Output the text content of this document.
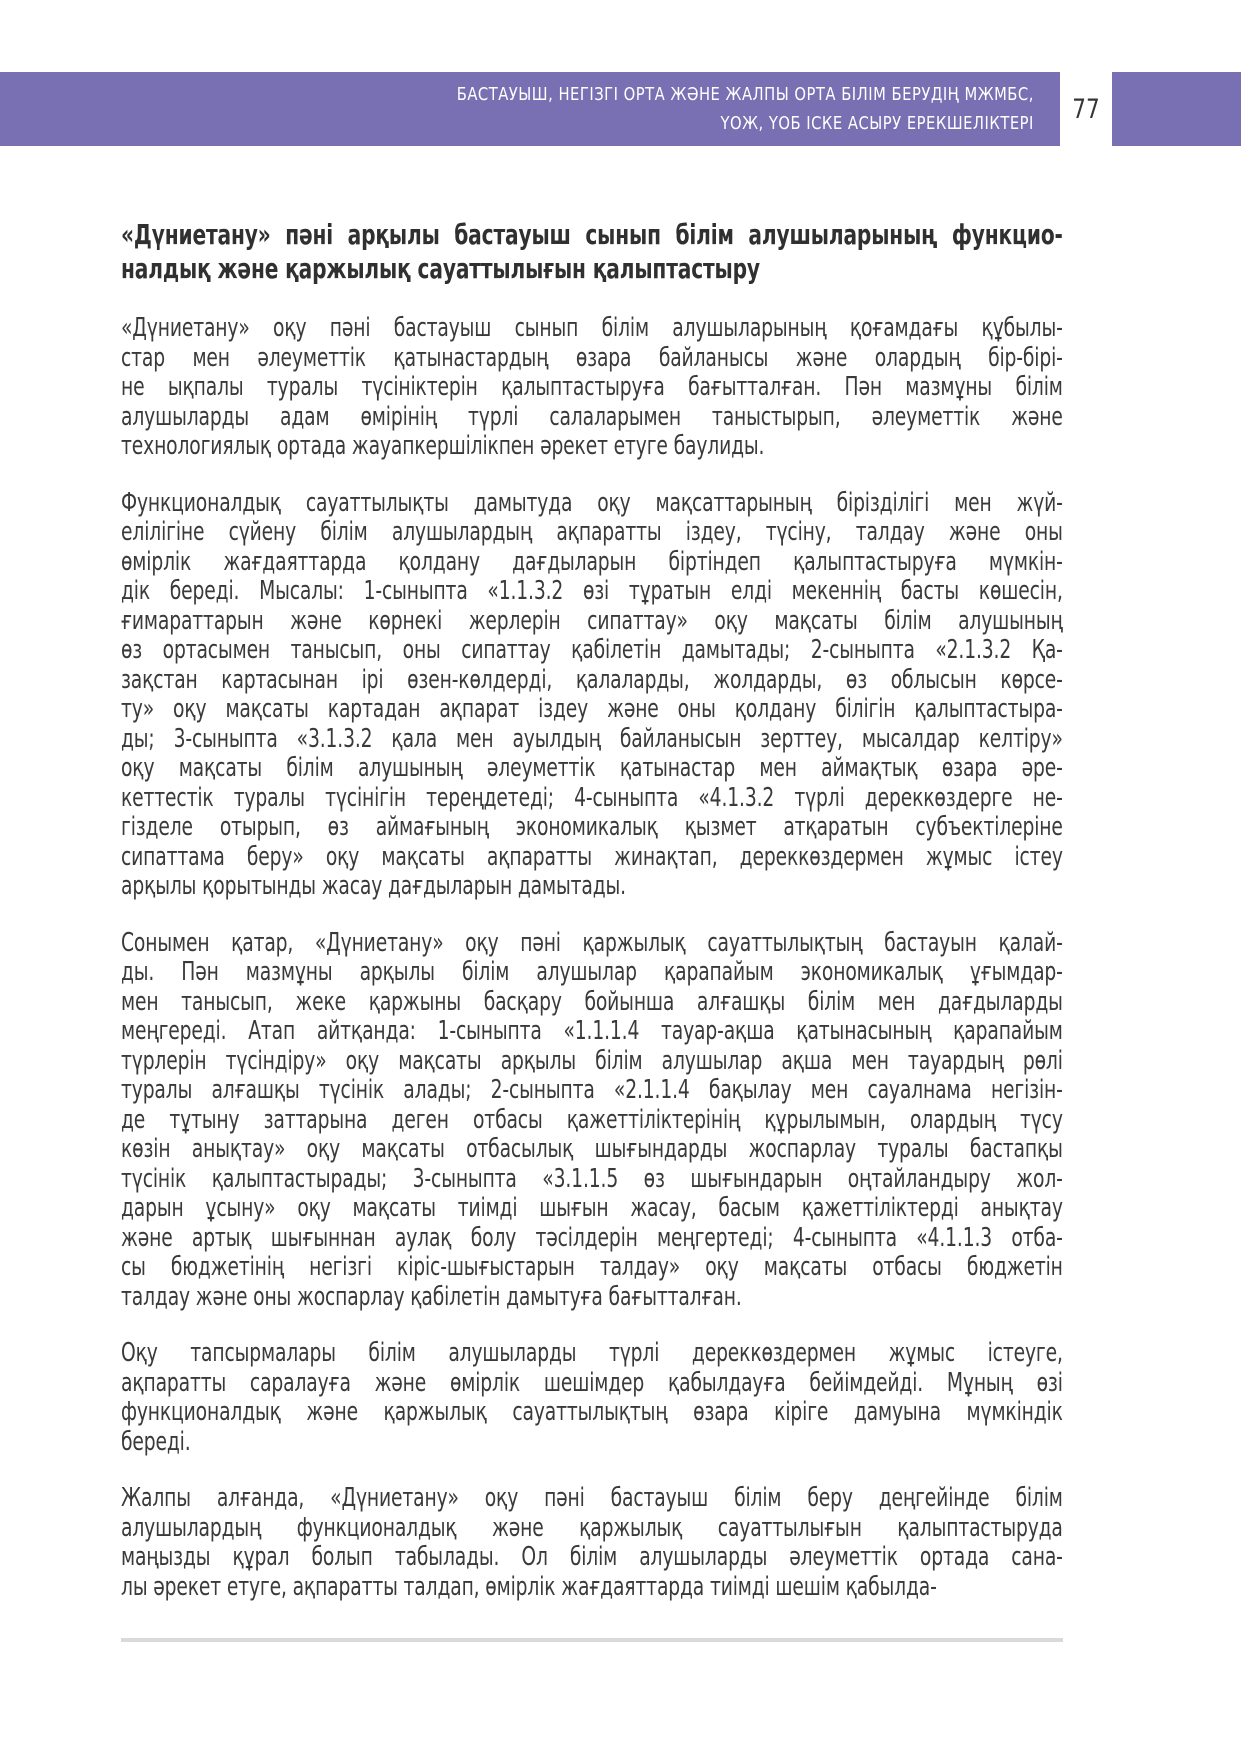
БАСТАУЫШ, НЕГІЗГІ ОРТА ЖӘНЕ ЖАЛПЫ ОРТА БІЛІМ БЕРУДІҢ МЖМБС,
ҮОЖ, ҮОБ ІСКЕ АСЫРУ ЕРЕКШЕЛІКТЕРІ 77
«Дүниетану» пәні арқылы бастауыш сынып білім алушыларының функцио-
налдық және қаржылық сауаттылығын қалыптастыру

«Дүниетану» оқу пәні бастауыш сынып білім алушыларының қоғамдағы құбылы-
стар мен әлеуметтік қатынастардың өзара байланысы және олардың бір-бірі-
не ықпалы туралы түсініктерін қалыптастыруға бағытталған. Пән мазмұны білім
алушыларды адам өмірінің түрлі салаларымен таныстырып, әлеуметтік және
технологиялық ортада жауапкершілікпен әрекет етуге баулиды.

Функционалдық сауаттылықты дамытуда оқу мақсаттарының бірізділігі мен жүй-
елілігіне сүйену білім алушылардың ақпаратты іздеу, түсіну, талдау және оны
өмірлік жағдаяттарда қолдану дағдыларын біртіндеп қалыптастыруға мүмкін-
дік береді. Мысалы: 1-сыныпта «1.1.3.2 өзі тұратын елді мекеннің басты көшесін,
ғимараттарын және көрнекі жерлерін сипаттау» оқу мақсаты білім алушының
өз ортасымен танысып, оны сипаттау қабілетін дамытады; 2-сыныпта «2.1.3.2 Қа-
зақстан картасынан ірі өзен-көлдерді, қалаларды, жолдарды, өз облысын көрсе-
ту» оқу мақсаты картадан ақпарат іздеу және оны қолдану білігін қалыптастыра-
ды; 3-сыныпта «3.1.3.2 қала мен ауылдың байланысын зерттеу, мысалдар келтіру»
оқу мақсаты білім алушының әлеуметтік қатынастар мен аймақтық өзара әре-
кеттестік туралы түсінігін тереңдетеді; 4-сыныпта «4.1.3.2 түрлі дереккөздерге не-
гізделе отырып, өз аймағының экономикалық қызмет атқаратын субъектілеріне
сипаттама беру» оқу мақсаты ақпаратты жинақтап, дереккөздермен жұмыс істеу
арқылы қорытынды жасау дағдыларын дамытады.

Сонымен қатар, «Дүниетану» оқу пәні қаржылық сауаттылықтың бастауын қалай-
ды. Пән мазмұны арқылы білім алушылар қарапайым экономикалық ұғымдар-
мен танысып, жеке қаржыны басқару бойынша алғашқы білім мен дағдыларды
меңгереді. Атап айтқанда: 1-сыныпта «1.1.1.4 тауар-ақша қатынасының қарапайым
түрлерін түсіндіру» оқу мақсаты арқылы білім алушылар ақша мен тауардың рөлі
туралы алғашқы түсінік алады; 2-сыныпта «2.1.1.4 бақылау мен сауалнама негізін-
де тұтыну заттарына деген отбасы қажеттіліктерінің құрылымын, олардың түсу
көзін анықтау» оқу мақсаты отбасылық шығындарды жоспарлау туралы бастапқы
түсінік қалыптастырады; 3-сыныпта «3.1.1.5 өз шығындарын оңтайландыру жол-
дарын ұсыну» оқу мақсаты тиімді шығын жасау, басым қажеттіліктерді анықтау
және артық шығыннан аулақ болу тәсілдерін меңгертеді; 4-сыныпта «4.1.1.3 отба-
сы бюджетінің негізгі кіріс-шығыстарын талдау» оқу мақсаты отбасы бюджетін
талдау және оны жоспарлау қабілетін дамытуға бағытталған.

Оқу тапсырмалары білім алушыларды түрлі дереккөздермен жұмыс істеуге,
ақпаратты саралауға және өмірлік шешімдер қабылдауға бейімдейді. Мұның өзі
функционалдық және қаржылық сауаттылықтың өзара кіріге дамуына мүмкіндік
береді.

Жалпы алғанда, «Дүниетану» оқу пәні бастауыш білім беру деңгейінде білім
алушылардың функционалдық және қаржылық сауаттылығын қалыптастыруда
маңызды құрал болып табылады. Ол білім алушыларды әлеуметтік ортада сана-
лы әрекет етуге, ақпаратты талдап, өмірлік жағдаяттарда тиімді шешім қабылда-
